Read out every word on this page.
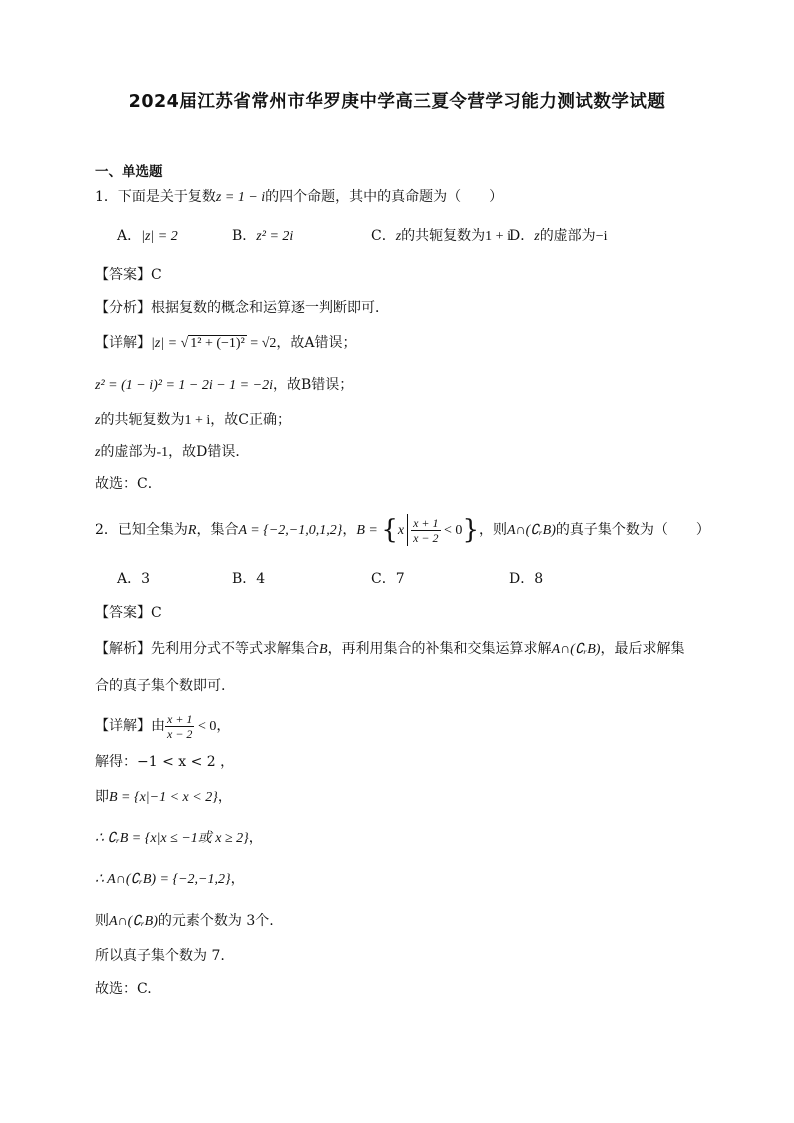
2024届江苏省常州市华罗庚中学高三夏令营学习能力测试数学试题
一、单选题
1．下面是关于复数z = 1 − i的四个命题，其中的真命题为（　　）
A．|z| = 2	B．z² = 2i	C．z的共轭复数为1 + i
D．z的虚部为−i
【答案】C
【分析】根据复数的概念和运算逐一判断即可．
【详解】|z| = √ 1² + (−1)² = √2，故A错误；
z² = (1 − i)² = 1 − 2i − 1 = −2i，故B错误；
z的共轭复数为1 + i，故C正确；
z的虚部为-1，故D错误．
故选：C．
2．已知全集为R，集合A = {−2,−1,0,1,2}，$B = \{x \frac{x + 1}{x - 2} < 0\}$，则A∩(∁ᵣB)的真子集个数为（　　）
A．3	B．4	C．7	D．8
【答案】C
【解析】先利用分式不等式求解集合B，再利用集合的补集和交集运算求解A∩(∁ᵣB)，最后求解集
合的真子集个数即可.
【详解】由 $\frac{x + 1}{x - 2} < 0$，
解得：−1 < x < 2 ，
即B = {x|−1 < x < 2}，
∴ ∁ᵣB = {x|x ≤ −1或 x ≥ 2}，
∴ A∩(∁ᵣB) = {−2,−1,2}，
则A∩(∁ᵣB)的元素个数为 3个.
所以真子集个数为 7.
故选：C.
